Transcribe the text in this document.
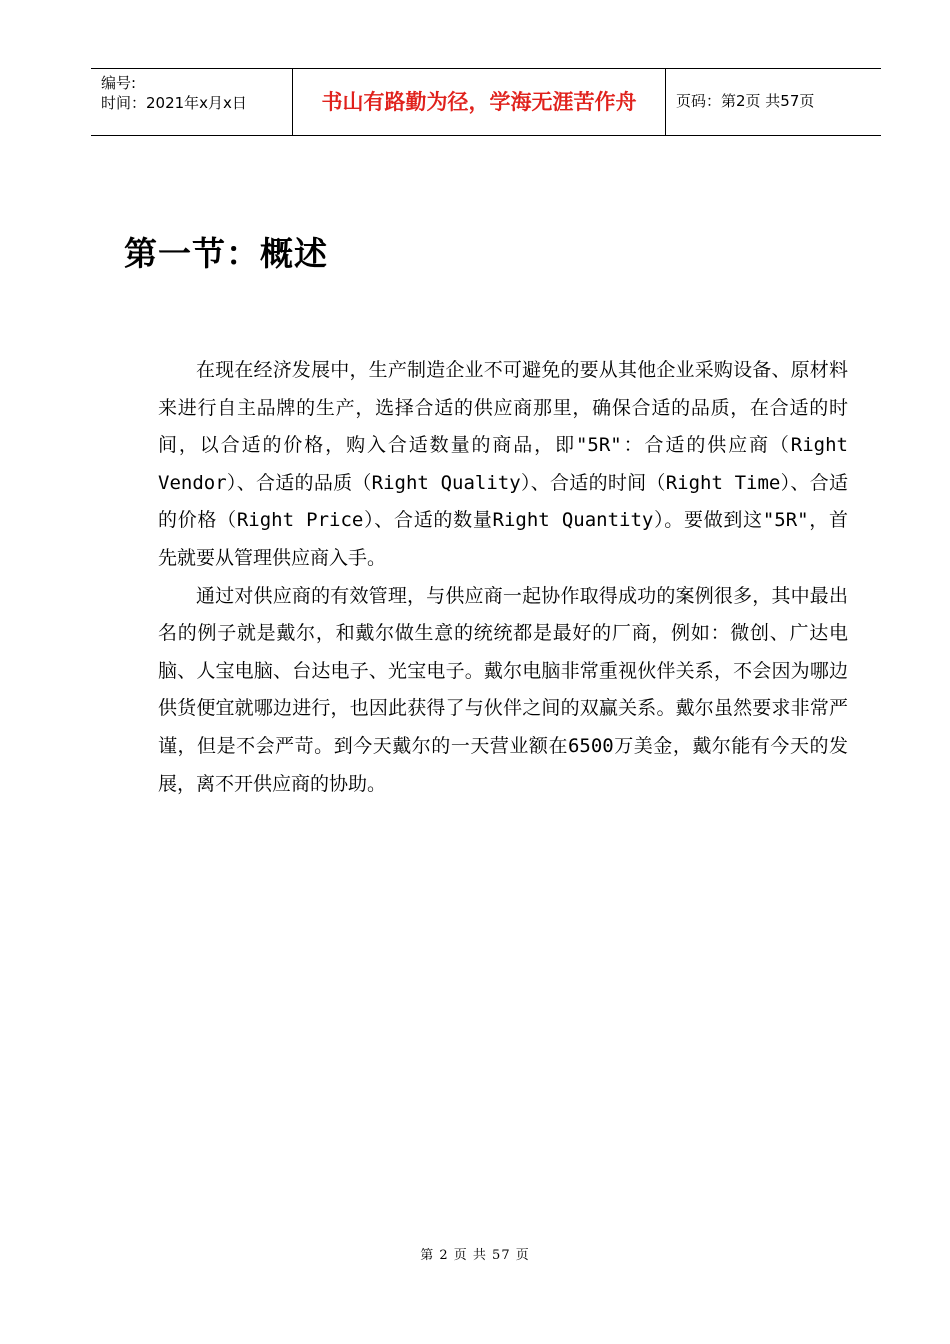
编号:
时间：2021年x月x日	书山有路勤为径，学海无涯苦作舟	页码：第2页 共57页
第一节：概述

在现在经济发展中，生产制造企业不可避免的要从其他企业采购设备、原材料来进行自主品牌的生产，选择合适的供应商那里，确保合适的品质，在合适的时间，以合适的价格，购入合适数量的商品，即"5R"：合适的供应商（Right Vendor）、合适的品质（Right Quality）、合适的时间（Right Time）、合适的价格（Right Price）、合适的数量Right Quantity）。要做到这"5R"，首先就要从管理供应商入手。

通过对供应商的有效管理，与供应商一起协作取得成功的案例很多，其中最出名的例子就是戴尔，和戴尔做生意的统统都是最好的厂商，例如：微创、广达电脑、人宝电脑、台达电子、光宝电子。戴尔电脑非常重视伙伴关系，不会因为哪边供货便宜就哪边进行，也因此获得了与伙伴之间的双赢关系。戴尔虽然要求非常严谨，但是不会严苛。到今天戴尔的一天营业额在6500万美金，戴尔能有今天的发展，离不开供应商的协助。

第 2 页 共 57 页
